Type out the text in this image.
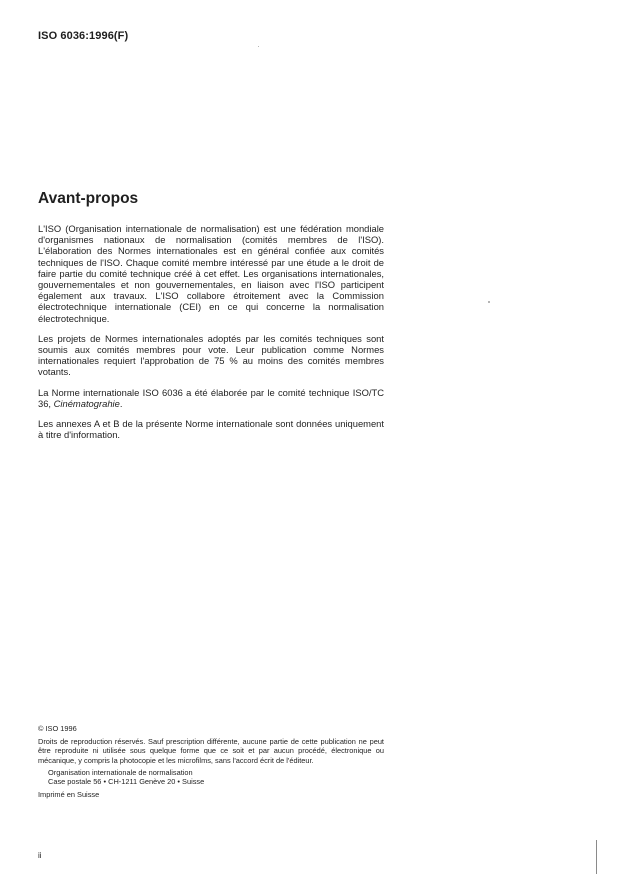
ISO 6036:1996(F)
Avant-propos

L'ISO (Organisation internationale de normalisation) est une fédération mondiale d'organismes nationaux de normalisation (comités membres de l'ISO). L'élaboration des Normes internationales est en général confiée aux comités techniques de l'ISO. Chaque comité membre intéressé par une étude a le droit de faire partie du comité technique créé à cet effet. Les organisations internationales, gouvernementales et non gouvernementales, en liaison avec l'ISO participent également aux travaux. L'ISO collabore étroitement avec la Commission électrotechnique internationale (CEI) en ce qui concerne la normalisation électrotechnique.

Les projets de Normes internationales adoptés par les comités techniques sont soumis aux comités membres pour vote. Leur publication comme Normes internationales requiert l'approbation de 75 % au moins des comités membres votants.

La Norme internationale ISO 6036 a été élaborée par le comité technique ISO/TC 36, Cinématograhie.

Les annexes A et B de la présente Norme internationale sont données uniquement à titre d'information.

© ISO 1996
Droits de reproduction réservés. Sauf prescription différente, aucune partie de cette publication ne peut être reproduite ni utilisée sous quelque forme que ce soit et par aucun procédé, électronique ou mécanique, y compris la photocopie et les microfilms, sans l'accord écrit de l'éditeur.
Organisation internationale de normalisation
Case postale 56 • CH-1211 Genève 20 • Suisse
Imprimé en Suisse
ii
